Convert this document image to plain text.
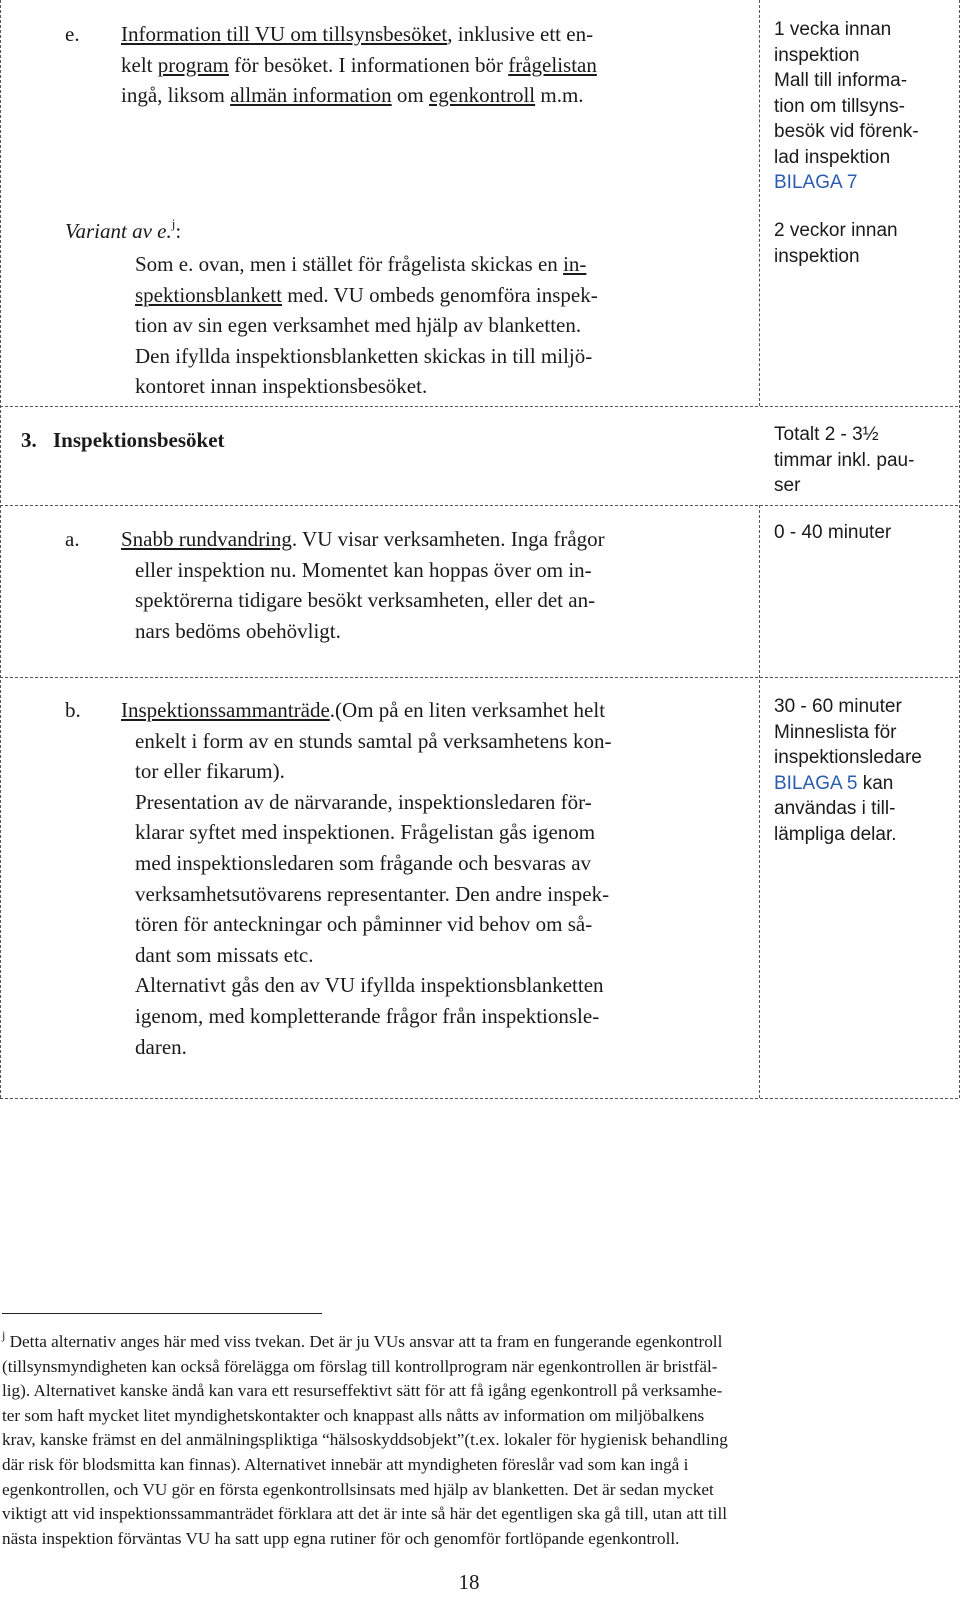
e. Information till VU om tillsynsbesöket, inklusive ett en-
kelt program för besöket. I informationen bör frågelistan
ingå, liksom allmän information om egenkontroll m.m.
1 vecka innan
inspektion
Mall till informa-
tion om tillsyns-
besök vid förenk-
lad inspektion
BILAGA 7
Variant av e.$^j$:
Som e. ovan, men i stället för frågelista skickas en in-
spektionsblankett med. VU ombeds genomföra inspek-
tion av sin egen verksamhet med hjälp av blanketten.
Den ifyllda inspektionsblanketten skickas in till miljö-
kontoret innan inspektionsbesöket.
2 veckor innan
inspektion
3. Inspektionsbesöket	Totalt 2 - 3½
timmar inkl. pau-
ser
a. Snabb rundvandring. VU visar verksamheten. Inga frågor
eller inspektion nu. Momentet kan hoppas över om in-
spektörerna tidigare besökt verksamheten, eller det an-
nars bedöms obehövligt.
0 - 40 minuter
b. Inspektionssammanträde.(Om på en liten verksamhet helt
enkelt i form av en stunds samtal på verksamhetens kon-
tor eller fikarum).
Presentation av de närvarande, inspektionsledaren för-
klarar syftet med inspektionen. Frågelistan gås igenom
med inspektionsledaren som frågande och besvaras av
verksamhetsutövarens representanter. Den andre inspek-
tören för anteckningar och påminner vid behov om så-
dant som missats etc.
Alternativt gås den av VU ifyllda inspektionsblanketten
igenom, med kompletterande frågor från inspektionsle-
daren.
30 - 60 minuter
Minneslista för
inspektionsledare
BILAGA 5 kan
användas i till-
lämpliga delar.
$^j$ Detta alternativ anges här med viss tvekan. Det är ju VUs ansvar att ta fram en fungerande egenkontroll
(tillsynsmyndigheten kan också förelägga om förslag till kontrollprogram när egenkontrollen är bristfäl-
lig). Alternativet kanske ändå kan vara ett resurseffektivt sätt för att få igång egenkontroll på verksamhe-
ter som haft mycket litet myndighetskontakter och knappast alls nåtts av information om miljöbalkens
krav, kanske främst en del anmälningspliktiga “hälsoskyddsobjekt”(t.ex. lokaler för hygienisk behandling
där risk för blodsmitta kan finnas). Alternativet innebär att myndigheten föreslår vad som kan ingå i
egenkontrollen, och VU gör en första egenkontrollsinsats med hjälp av blanketten. Det är sedan mycket
viktigt att vid inspektionssammanträdet förklara att det är inte så här det egentligen ska gå till, utan att till
nästa inspektion förväntas VU ha satt upp egna rutiner för och genomför fortlöpande egenkontroll.
18
